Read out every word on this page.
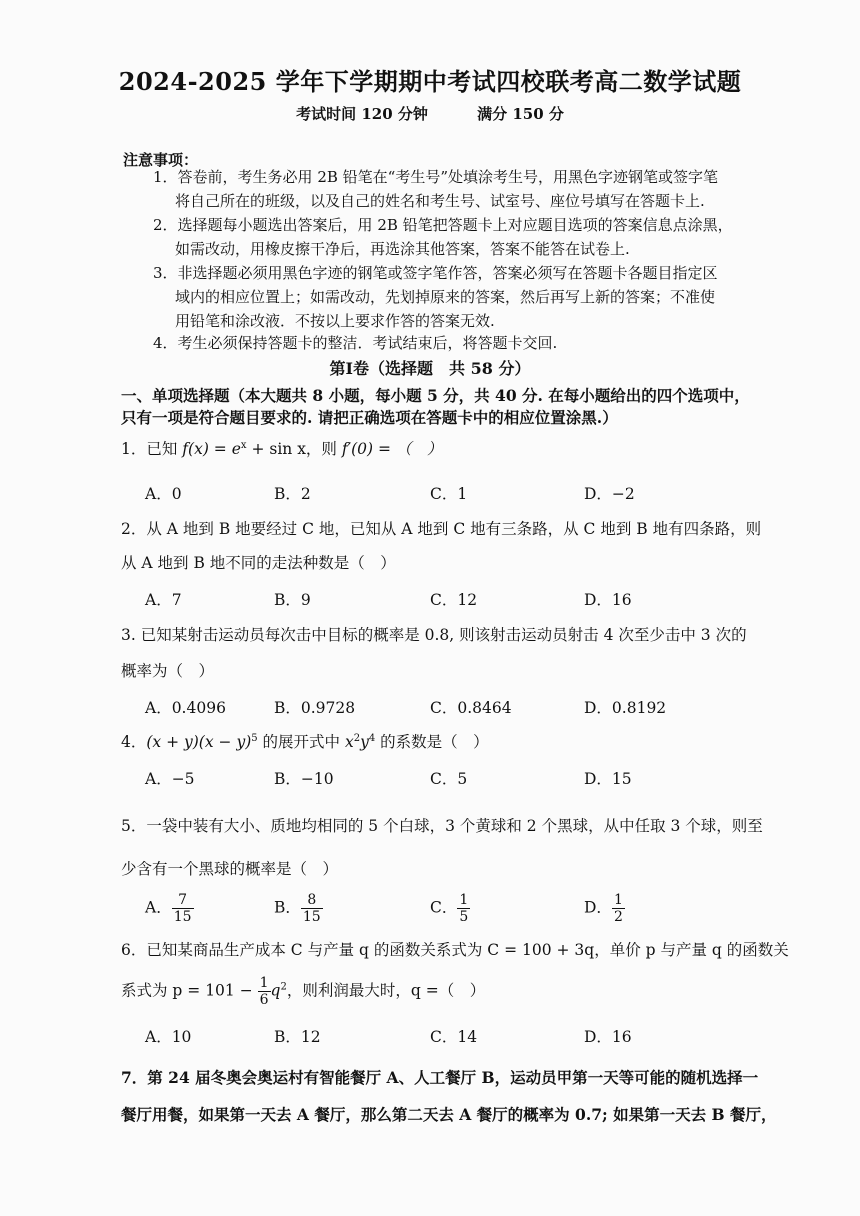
2024-2025 学年下学期期中考试四校联考高二数学试题
考试时间 120 分钟	满分 150 分
注意事项：
1．答卷前，考生务必用 2B 铅笔在“考生号”处填涂考生号，用黑色字迹钢笔或签字笔
将自己所在的班级，以及自己的姓名和考生号、试室号、座位号填写在答题卡上.
2．选择题每小题选出答案后，用 2B 铅笔把答题卡上对应题目选项的答案信息点涂黑，
如需改动，用橡皮擦干净后，再选涂其他答案，答案不能答在试卷上.
3．非选择题必须用黑色字迹的钢笔或签字笔作答，答案必须写在答题卡各题目指定区
域内的相应位置上；如需改动，先划掉原来的答案，然后再写上新的答案；不准使
用铅笔和涂改液．不按以上要求作答的答案无效.
4．考生必须保持答题卡的整洁．考试结束后，将答题卡交回.
第Ⅰ卷（选择题　共 58 分）
一、单项选择题（本大题共 8 小题，每小题 5 分，共 40 分. 在每小题给出的四个选项中，
只有一项是符合题目要求的. 请把正确选项在答题卡中的相应位置涂黑.）
1．已知 $f(x) = e^x + \sin x$，则 f′(0) = （　）
A．0	B．2	C．1	D．−2
2．从 A 地到 B 地要经过 C 地，已知从 A 地到 C 地有三条路，从 C 地到 B 地有四条路，则
从 A 地到 B 地不同的走法种数是（　）
A．7	B．9	C．12	D．16
3. 已知某射击运动员每次击中目标的概率是 0.8, 则该射击运动员射击 4 次至少击中 3 次的
概率为（　）
A．0.4096	B．0.9728	C．0.8464	D．0.8192
4．$(x + y)(x - y)^5$ 的展开式中 $x^2y^4$ 的系数是（　）
A．−5	B．−10	C．5	D．15
5．一袋中装有大小、质地均相同的 5 个白球，3 个黄球和 2 个黑球，从中任取 3 个球，则至
少含有一个黑球的概率是（　）
A． $\frac{7}{15}$	B． $\frac{8}{15}$	C． $\frac{1}{5}$	D． $\frac{1}{2}$
6．已知某商品生产成本 C 与产量 q 的函数关系式为 C = 100 + 3q，单价 p 与产量 q 的函数关
系式为 $p = 101 - \frac{1}{6} q^2$，则利润最大时，q =（　）
A．10	B．12	C．14	D．16
7．第 24 届冬奥会奥运村有智能餐厅 A、人工餐厅 B，运动员甲第一天等可能的随机选择一
餐厅用餐，如果第一天去 A 餐厅，那么第二天去 A 餐厅的概率为 0.7; 如果第一天去 B 餐厅，
